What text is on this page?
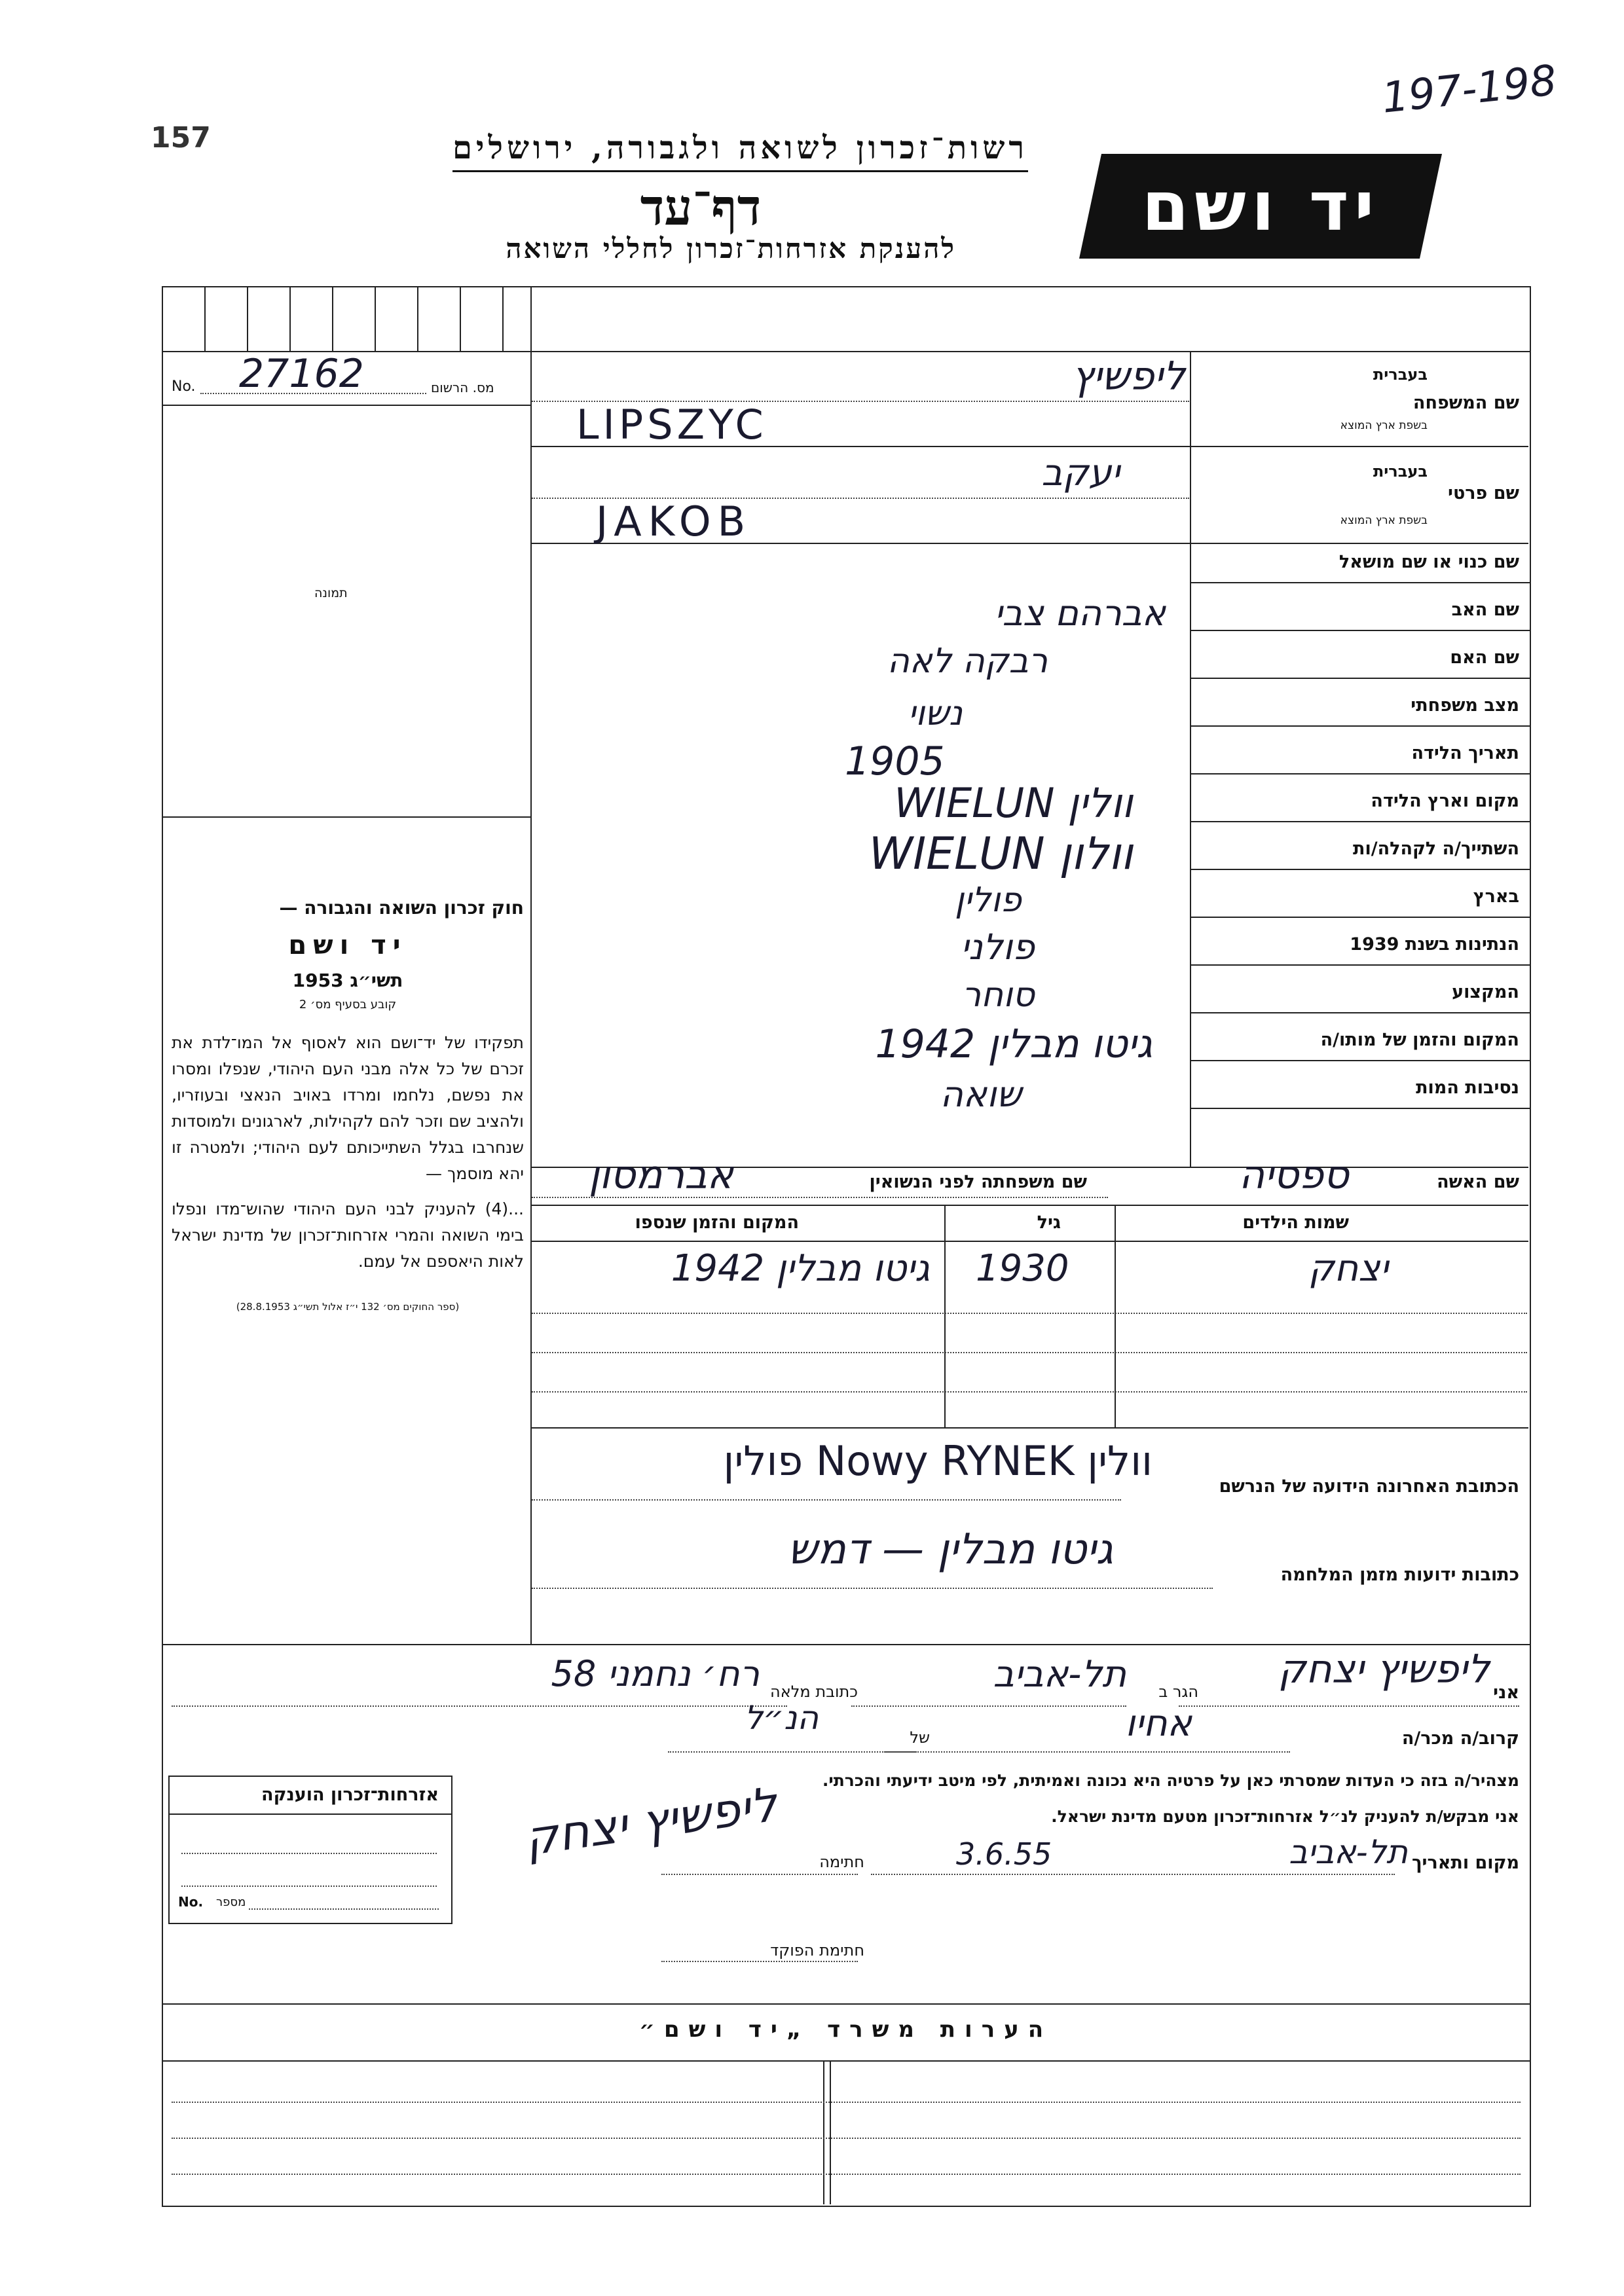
197-198
157	רשות־זכרון לשואה ולגבורה, ירושלים
דף־עד
להענקת אזרחות־זכרון לחללי השואה
יד ושם
No. 27162	מס. הרשום
תמונה

חוק זכרון השואה והגבורה —

יד ושם

תשי״ג 1953

קובע בסעיף מס׳ 2

תפקידו של יד־ושם הוא לאסוף אל המו־לדת את זכרם של כל אלה מבני העם היהודי, שנפלו ומסרו את נפשם, נלחמו ומרדו באויב הנאצי ובעוזריו, ולהציב שם וזכר להם לקהילות, לארגונים ולמוסדות שנחרבו בגלל השתייכותם לעם היהודי; ולמטרה זו יהא מוסמך —

...(4) להעניק לבני העם היהודי שהוש־מדו ונפלו בימי השואה והמרי אזרחות־זכרון של מדינת ישראל לאות היאספם אל עמם.

(ספר החוקים מס׳ 132 י״ז אלול תשי״ג 28.8.1953)

שם המשפחה
בעברית
בשפת ארץ המוצא
ליפשיץ
LIPSZYC
שם פרטי
בעברית
בשפת ארץ המוצא
יעקב
JAKOB
שם כנוי או שם מושאל
שם האב
אברהם צבי
שם האם
רבקה לאה
מצב משפחתי
נשוי
תאריך הלידה
1905
מקום וארץ הלידה
וולין WIELUN
השתייך/ה לקהלה/ות
וולון WIELUN
בארץ
פולין
הנתינות בשנת 1939
פולני
המקצוע
סוחר
המקום והזמן של מותו/ה
גיטו מבלין 1942
נסיבות המות
שואה
שם האשה
ספסיה
שם משפחתה לפני הנשואין
אברמסון
שמות הילדים
גיל
המקום והזמן שנספו
יצחק
1930
גיטו מבלין 1942
הכתובת האחרונה הידועה של הנרשם
וולין Nowy RYNEK פולין
כתובות ידועות מזמן המלחמה
גיטו מבלין — דמש
אני
ליפשיץ יצחק
הגר ב
תל-אביב
כתובת מלאה
רח׳ נחמני 58
קרוב/ה מכר/ה
אחיו
של
הנ״ל
מצהיר/ה בזה כי העדות שמסרתי כאן על פרטיה היא נכונה ואמיתית, לפי מיטב ידיעתי והכרתי.
אני מבקש/ת להעניק לנ״ל אזרחות־זכרון מטעם מדינת ישראל.
מקום ותאריך
תל-אביב
3.6.55
חתימה
ליפשיץ יצחק
חתימת הפוקד
אזרחות־זכרון הוענקה
No. מספר
הערות משרד „יד ושם״
